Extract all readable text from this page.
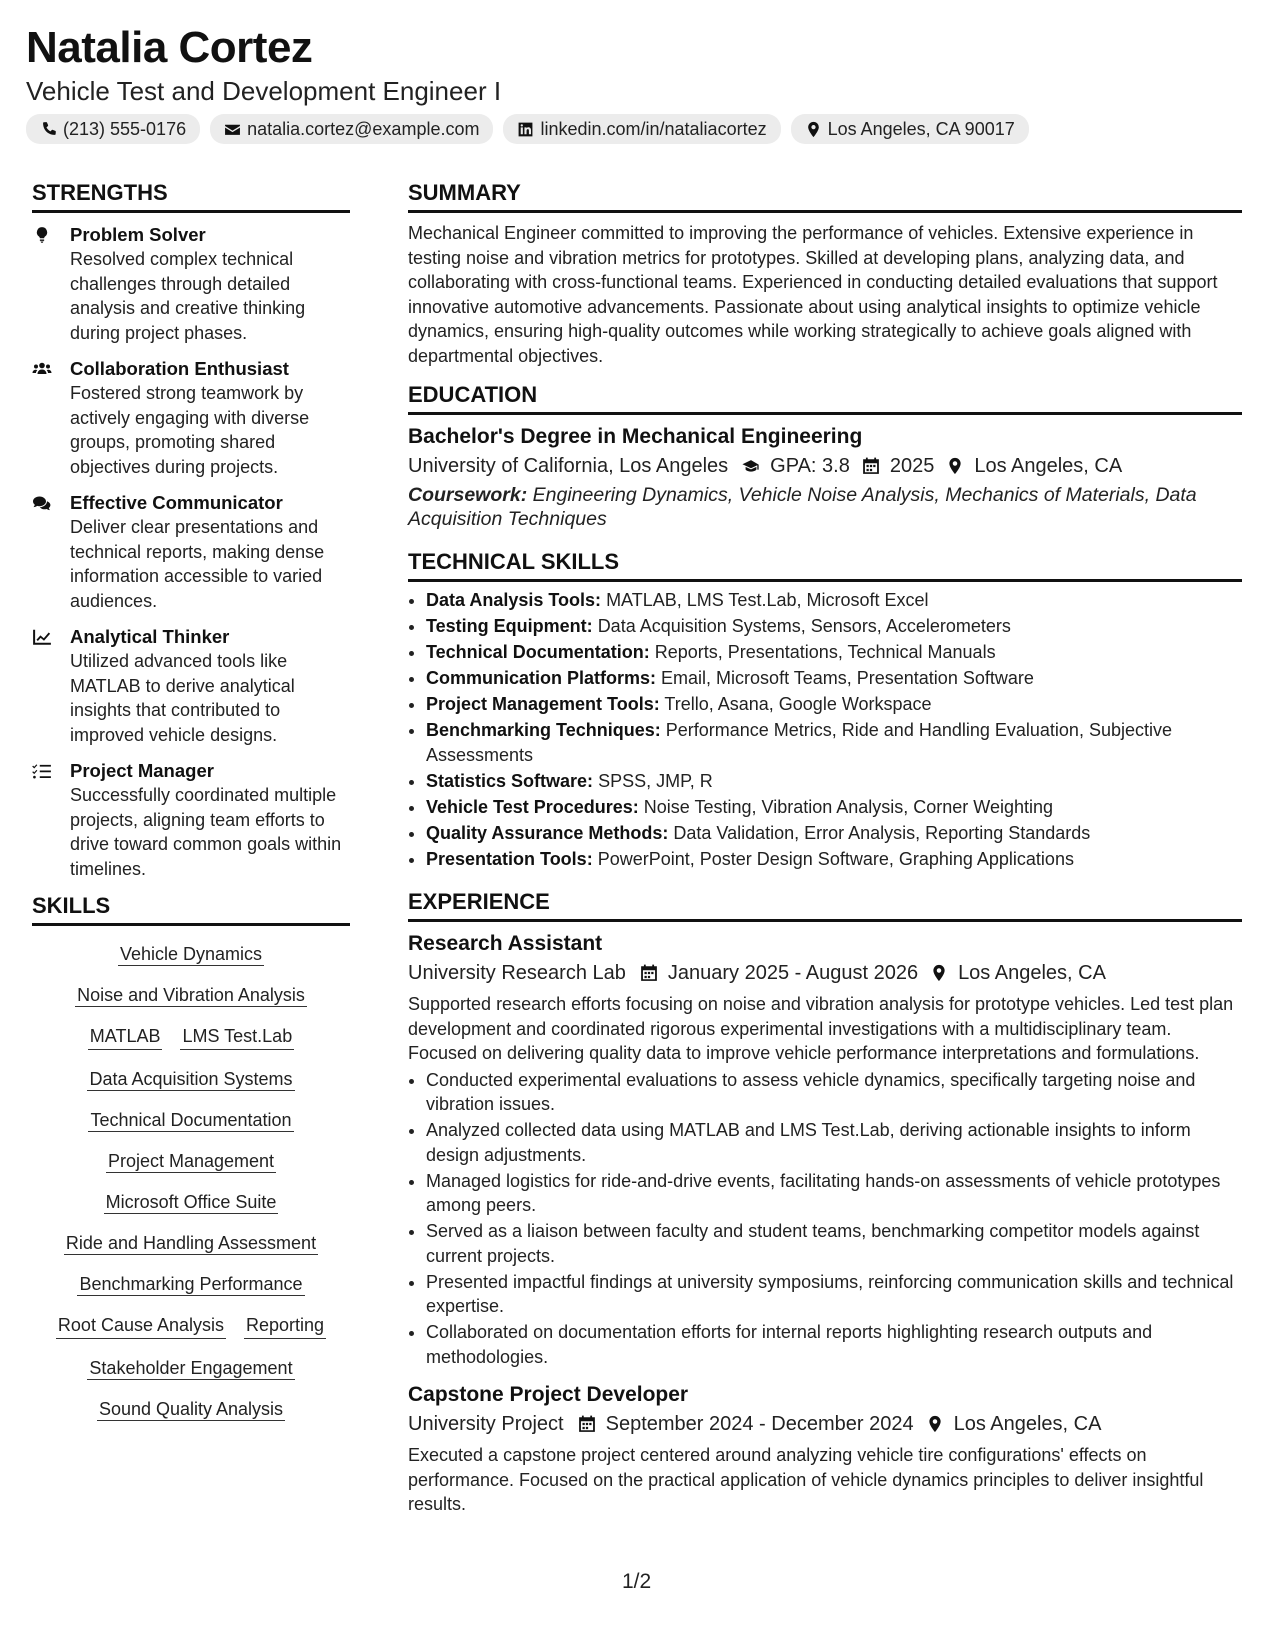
Natalia Cortez
Vehicle Test and Development Engineer I
(213) 555-0176	natalia.cortez@example.com	linkedin.com/in/nataliacortez	Los Angeles, CA 90017
STRENGTHS
Problem Solver
Resolved complex technical challenges through detailed analysis and creative thinking during project phases.
Collaboration Enthusiast
Fostered strong teamwork by actively engaging with diverse groups, promoting shared objectives during projects.
Effective Communicator
Deliver clear presentations and technical reports, making dense information accessible to varied audiences.
Analytical Thinker
Utilized advanced tools like MATLAB to derive analytical insights that contributed to improved vehicle designs.
Project Manager
Successfully coordinated multiple projects, aligning team efforts to drive toward common goals within timelines.
SKILLS
Vehicle Dynamics
Noise and Vibration Analysis
MATLAB LMS Test.Lab
Data Acquisition Systems
Technical Documentation
Project Management
Microsoft Office Suite
Ride and Handling Assessment
Benchmarking Performance
Root Cause Analysis Reporting
Stakeholder Engagement
Sound Quality Analysis
SUMMARY
Mechanical Engineer committed to improving the performance of vehicles. Extensive experience in testing noise and vibration metrics for prototypes. Skilled at developing plans, analyzing data, and collaborating with cross-functional teams. Experienced in conducting detailed evaluations that support innovative automotive advancements. Passionate about using analytical insights to optimize vehicle dynamics, ensuring high-quality outcomes while working strategically to achieve goals aligned with departmental objectives.
EDUCATION
Bachelor's Degree in Mechanical Engineering
University of California, Los Angeles GPA: 3.8 2025 Los Angeles, CA
Coursework: Engineering Dynamics, Vehicle Noise Analysis, Mechanics of Materials, Data Acquisition Techniques
TECHNICAL SKILLS
• Data Analysis Tools: MATLAB, LMS Test.Lab, Microsoft Excel
• Testing Equipment: Data Acquisition Systems, Sensors, Accelerometers
• Technical Documentation: Reports, Presentations, Technical Manuals
• Communication Platforms: Email, Microsoft Teams, Presentation Software
• Project Management Tools: Trello, Asana, Google Workspace
• Benchmarking Techniques: Performance Metrics, Ride and Handling Evaluation, Subjective Assessments
• Statistics Software: SPSS, JMP, R
• Vehicle Test Procedures: Noise Testing, Vibration Analysis, Corner Weighting
• Quality Assurance Methods: Data Validation, Error Analysis, Reporting Standards
• Presentation Tools: PowerPoint, Poster Design Software, Graphing Applications
EXPERIENCE
Research Assistant
University Research Lab January 2025 - August 2026 Los Angeles, CA
Supported research efforts focusing on noise and vibration analysis for prototype vehicles. Led test plan development and coordinated rigorous experimental investigations with a multidisciplinary team. Focused on delivering quality data to improve vehicle performance interpretations and formulations.
• Conducted experimental evaluations to assess vehicle dynamics, specifically targeting noise and vibration issues.
• Analyzed collected data using MATLAB and LMS Test.Lab, deriving actionable insights to inform design adjustments.
• Managed logistics for ride-and-drive events, facilitating hands-on assessments of vehicle prototypes among peers.
• Served as a liaison between faculty and student teams, benchmarking competitor models against current projects.
• Presented impactful findings at university symposiums, reinforcing communication skills and technical expertise.
• Collaborated on documentation efforts for internal reports highlighting research outputs and methodologies.
Capstone Project Developer
University Project September 2024 - December 2024 Los Angeles, CA
Executed a capstone project centered around analyzing vehicle tire configurations' effects on performance. Focused on the practical application of vehicle dynamics principles to deliver insightful results.
1/2
